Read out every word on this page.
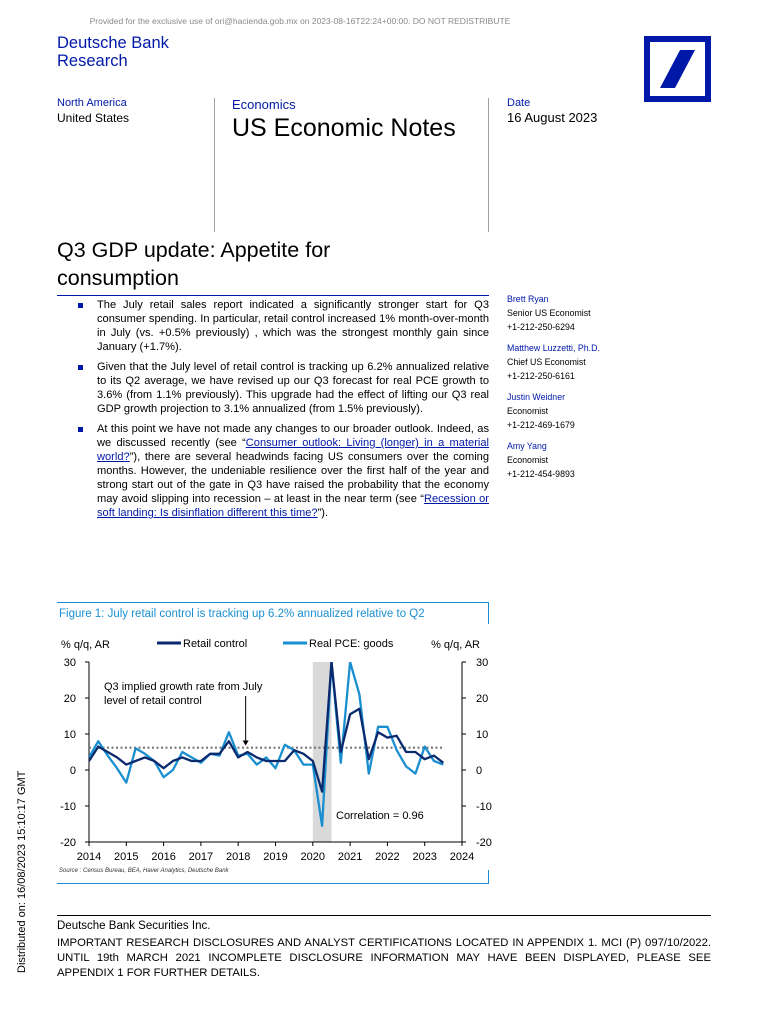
Provided for the exclusive use of ori@hacienda.gob.mx on 2023-08-16T22:24+00:00. DO NOT REDISTRIBUTE
Deutsche Bank
Research
North America
United States
Economics
US Economic Notes
Date
16 August 2023
Q3 GDP update: Appetite for consumption
The July retail sales report indicated a significantly stronger start for Q3 consumer spending. In particular, retail control increased 1% month-over-month in July (vs. +0.5% previously) , which was the strongest monthly gain since January (+1.7%).
Given that the July level of retail control is tracking up 6.2% annualized relative to its Q2 average, we have revised up our Q3 forecast for real PCE growth to 3.6% (from 1.1% previously). This upgrade had the effect of lifting our Q3 real GDP growth projection to 3.1% annualized (from 1.5% previously).
At this point we have not made any changes to our broader outlook. Indeed, as we discussed recently (see “Consumer outlook: Living (longer) in a material world?”), there are several headwinds facing US consumers over the coming months. However, the undeniable resilience over the first half of the year and strong start out of the gate in Q3 have raised the probability that the economy may avoid slipping into recession – at least in the near term (see “Recession or soft landing: Is disinflation different this time?”).
Brett Ryan
Senior US Economist
+1-212-250-6294
Matthew Luzzetti, Ph.D.
Chief US Economist
+1-212-250-6161
Justin Weidner
Economist
+1-212-469-1679
Amy Yang
Economist
+1-212-454-9893
Figure 1: July retail control is tracking up 6.2% annualized relative to Q2
-20	-20
-10	-10
0	0
10	10
20	20
30	30
2014 2015 2016 2017 2018 2019 2020 2021 2022 2023 2024
% q/q, AR	% q/q, AR
Retail control	Real PCE: goods
Q3 implied growth rate from July level of retail control
Correlation = 0.96
Source : Census Bureau, BEA, Haver Analytics, Deutsche Bank
Distributed on: 16/08/2023 15:10:17 GMT	Deutsche Bank Securities Inc.
IMPORTANT RESEARCH DISCLOSURES AND ANALYST CERTIFICATIONS LOCATED IN APPENDIX 1. MCI (P) 097/10/2022. UNTIL 19th MARCH 2021 INCOMPLETE DISCLOSURE INFORMATION MAY HAVE BEEN DISPLAYED, PLEASE SEE APPENDIX 1 FOR FURTHER DETAILS.
